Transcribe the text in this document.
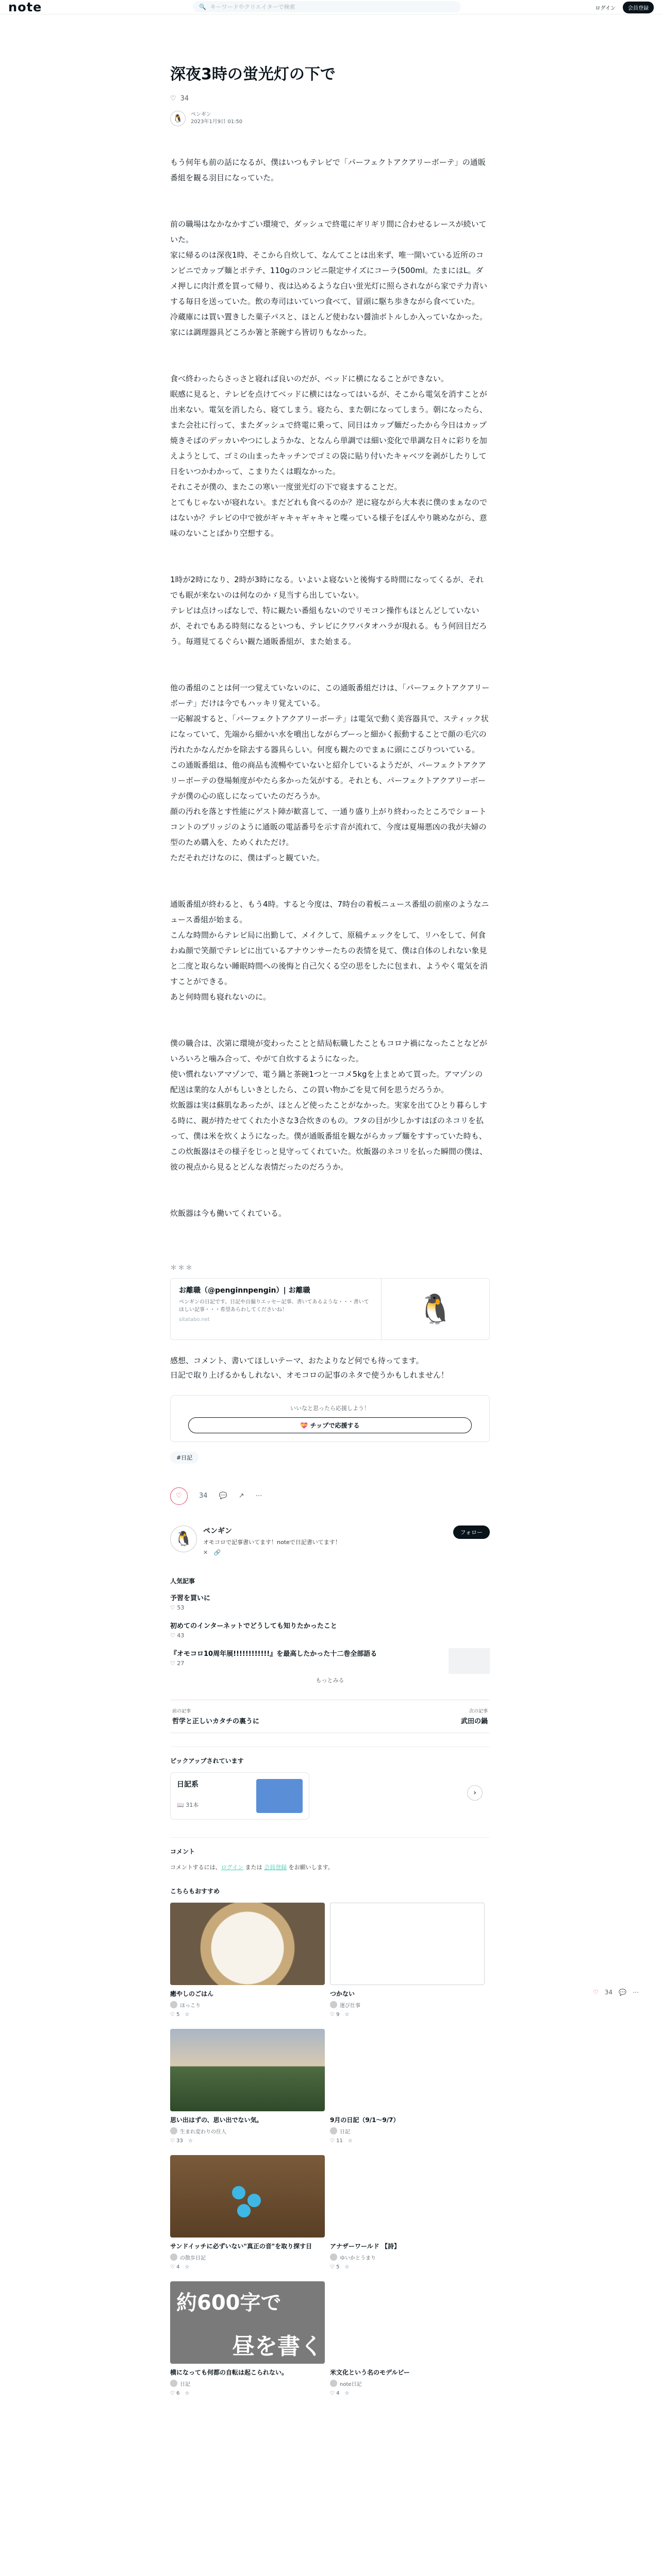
note	🔍 キーワードやクリエイターで検索	ログイン	会員登録
深夜3時の蛍光灯の下で
♡ 34
🐧	ペンギン
2023年1月9日 01:50

もう何年も前の話になるが、僕はいつもテレビで「パーフェクトアクアリーボーテ」の通販番組を観る羽目になっていた。

前の職場はなかなかすごい環境で、ダッシュで終電にギリギリ間に合わせるレースが続いていた。
家に帰るのは深夜1時、そこから自炊して、なんてことは出来ず、唯一開いている近所のコンビニでカップ麺とポテチ、110gのコンビニ限定サイズにコーラ(500ml。たまにはL。ダメ押しに肉汁煮を買って帰り、夜は込めるような白い蛍光灯に照らされながら家でテ力青いする毎日を送っていた。飲の寿司はいていつ食べて、冒頭に駆ち歩きながら食べていた。
冷蔵庫には買い置きした菓子パスと、ほとんど使わない醤油ボトルしか入っていなかった。家には調理器具どころか箸と茶碗すら皆切りもなかった。

食べ終わったらさっさと寝れば良いのだが、ベッドに横になることができない。
眠感に見ると、テレビを点けてベッドに横にはなってはいるが、そこから電気を消すことが出来ない。電気を消したら、寝てしまう。寝たら、また朝になってしまう。朝になったら、また会社に行って、またダッシュで終電に乗って、同日はカップ麺だったから今日はカップ焼きそばのデッカいやつにしようかな、となんら単調では細い変化で単調な日々に彩りを加えようとして、ゴミの山まったキッチンでゴミの袋に貼り付いたキャベツを剥がしたりして日をいつかわかって、こまりたくは暇なかった。
それこそが僕の、またこの寒い一度蛍光灯の下で寝ますることだ。
とてもじゃないが寝れない。まだどれも食べるのか？逆に寝ながら大本表に僕のまぁなのではないか？テレビの中で彼がギャキャギャキャと喋っている様子をぼんやり眺めながら、意味のないことばかり空想する。

1時が2時になり、2時が3時になる。いよいよ寝ないと後悔する時間になってくるが、それでも眠が来ないのは何なのかゞ見当すら出していない。
テレビは点けっぱなしで、特に観たい番組もないのでリモコン操作もほとんどしていないが、それでもある時刻になるといつも、テレビにクワバタオハラが現れる。もう何回目だろう。毎週見てるぐらい観た通販番組が、また始まる。

他の番組のことは何一つ覚えていないのに、この通販番組だけは、「パーフェクトアクアリーボーテ」だけは今でもハッキリ覚えている。
一応解説すると、「パーフェクトアクアリーボーテ」は電気で動く美容器具で、スティック状になっていて、先端から細かい水を噴出しながらブーっと細かく振動することで顔の毛穴の汚れたかなんだかを除去する器具らしい。何度も観たのでまぁに頭にこびりついている。
この通販番組は、他の商品も流暢やていないと紹介しているようだが、パーフェクトアクアリーボーテの登場頻度がやたら多かった気がする。それとも、パーフェクトアクアリーボーテが僕の心の底しになっていたのだろうか。
顔の汚れを落とす性能にゲスト陣が歓喜して、一通り盛り上がり終わったところでショートコントのブリッジのように通販の電話番号を示す音が流れて、今度は夏場悪凶の我が夫婦の型のため購入を、ためくれただけ。
ただそれだけなのに、僕はずっと観ていた。

通販番組が終わると、もう4時。すると今度は、7時台の着板ニュース番組の前座のようなニュース番組が始まる。
こんな時間からテレビ局に出勤して、メイクして、原稿チェックをして、リハをして、何食わぬ顔で笑顔でテレビに出ているアナウンサーたちの表情を見て、僕は自体のしれない象見と二度と取らない睡眠時間への後悔と自己欠くる空の思をしたに包まれ、ようやく電気を消すことができる。
あと何時間も寝れないのに。

僕の職合は、次第に環境が変わったことと結局転職したこともコロナ禍になったことなどがいろいろと噛み合って、やがて自炊するようになった。
使い慣れないアマゾンで、電う鍋と茶碗1つと一コメ5kgを上まとめて買った。アマゾンの配送は業的な人がもしいきとしたら、この買い物かごを見て何を思うだろうか。
炊飯器は実は蘇肌なあったが、ほとんど使ったことがなかった。実家を出てひとり暮らしする時に、親が持たせてくれた小さな3合炊きのもの。フタの目が少しかすはぼのネコリを払って、僕は米を炊くようになった。僕が通販番組を観ながらカップ麺をすすっていた時も、この炊飯器はその様子をじっと見守ってくれていた。炊飯器のネコリを払った瞬間の僕は、彼の視点から見るとどんな表情だったのだろうか。

炊飯器は今も働いてくれている。

＊＊＊
お離職（@penginnpengin）| お離職
ペンギンの日記です。日記や自撮りエッセー記事、書いてあるような・・・書いてほしい記事・・・希望あらわしてくださいね！
sitatabo.net	🐧

感想、コメント、書いてほしいテーマ、おたよりなど何でも待ってます。
日記で取り上げるかもしれない、オモコロの記事のネタで使うかもしれません！

いいなと思ったら応援しよう！
💝 チップで応援する
#日記
♡	34 💬 ↗ ⋯
🐧	ペンギン
オモコロで記事書いてます！noteで日記書いてます！
✕ 🔗
フォロー
人気記事
予習を買いに
♡ 53
初めてのインターネットでどうしても知りたかったこと
♡ 43
『オモコロ10周年展!!!!!!!!!!!!』を最高したかった十二巻全部語る
♡ 27
もっとみる
前の記事
哲学と正しいカタチの裏うに
次の記事
武田の鍋
ピックアップされています
日記系
📖 31本
›
コメント
コメントするには、ログイン または 会員登録 をお願いします。
こちらもおすすめ
癒やしのごはん
ほっこり
♡ 5 ☆
つかない
運び仕事
♡ 9 ☆
思い出はずの、思い出でない気。
生まれ変わりの住人
♡ 33 ☆
9月の日記（9/1〜9/7）
日記
♡ 11 ☆
サンドイッチに必ずいない"真正の音"を取り探す日
の散歩日記
♡ 4 ☆
アナザーワールド 【詩】
ゆいかとうまり
♡ 5 ☆
約600字で
昼を書く
横になっても何都の自転は起こられない。
日記
♡ 6 ☆
米文化という名のモデルビー
note日記
♡ 4 ☆
♡ 34 💬 ⋯
